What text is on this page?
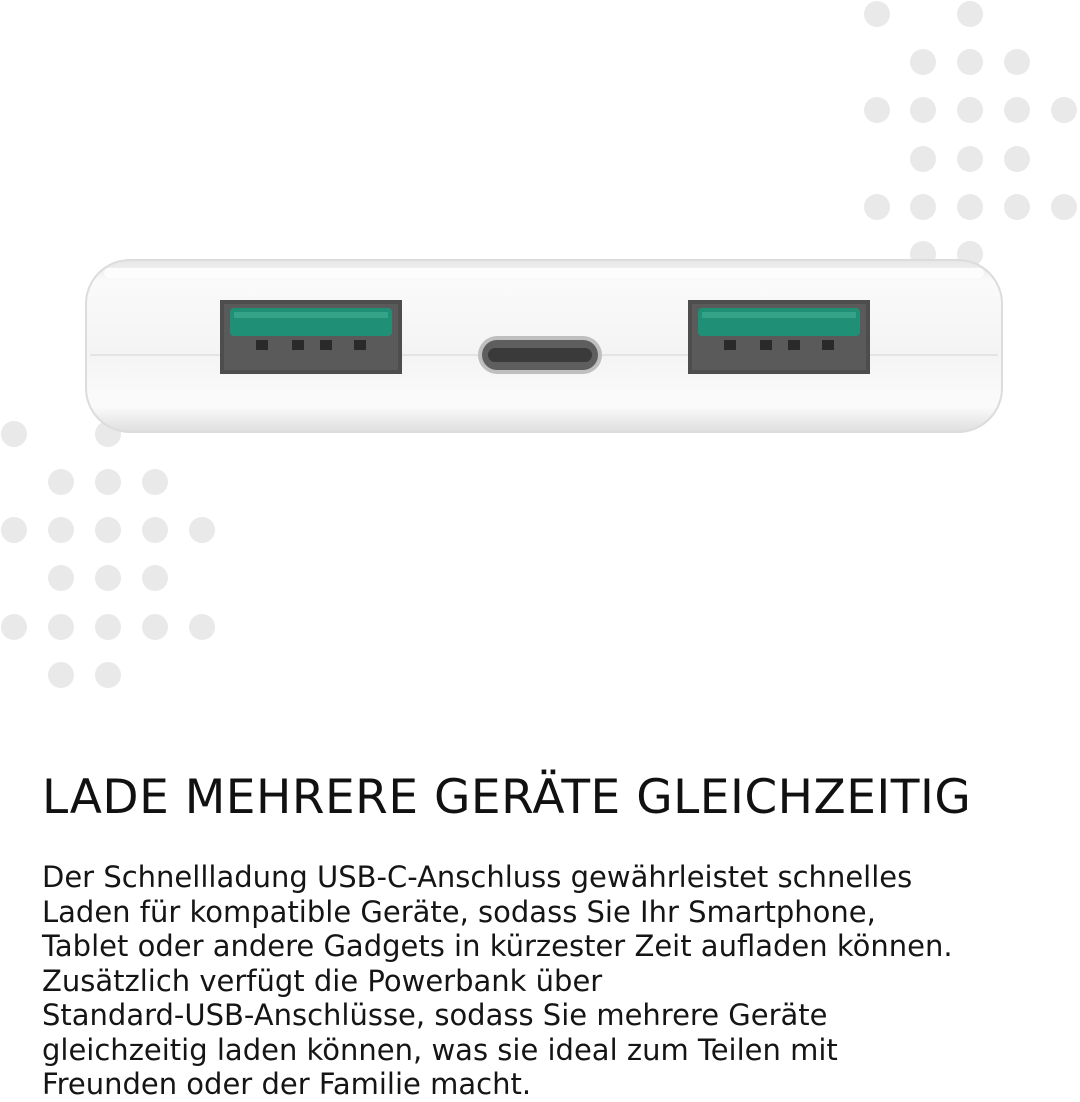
LADE MEHRERE GERÄTE GLEICHZEITIG

Der Schnellladung USB-C-Anschluss gewährleistet schnelles
Laden für kompatible Geräte, sodass Sie Ihr Smartphone,
Tablet oder andere Gadgets in kürzester Zeit aufladen können.
Zusätzlich verfügt die Powerbank über
Standard-USB-Anschlüsse, sodass Sie mehrere Geräte
gleichzeitig laden können, was sie ideal zum Teilen mit
Freunden oder der Familie macht.
